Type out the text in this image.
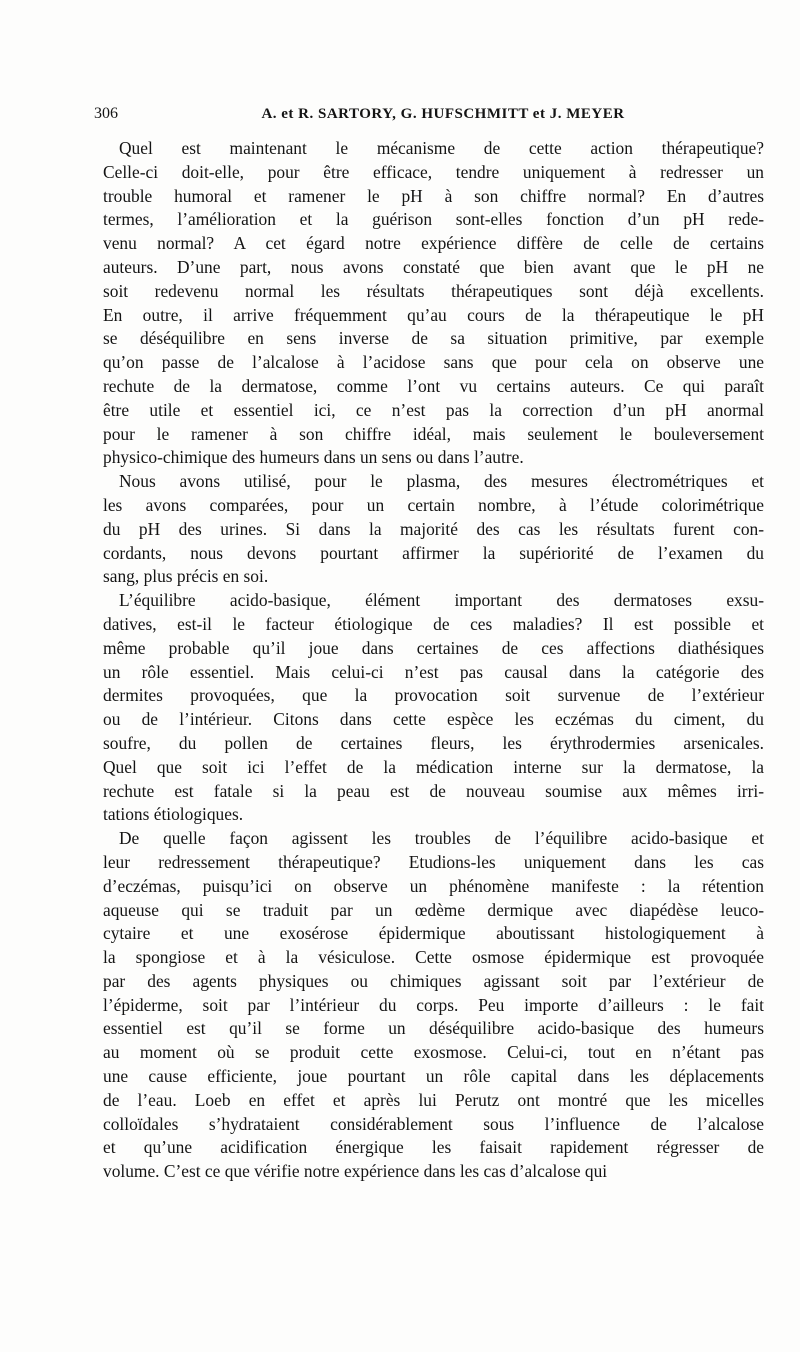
306	A. et R. SARTORY, G. HUFSCHMITT et J. MEYER
Quel est maintenant le mécanisme de cette action thérapeutique?
Celle-ci doit-elle, pour être efficace, tendre uniquement à redresser un
trouble humoral et ramener le pH à son chiffre normal? En d’autres
termes, l’amélioration et la guérison sont-elles fonction d’un pH rede-
venu normal? A cet égard notre expérience diffère de celle de certains
auteurs. D’une part, nous avons constaté que bien avant que le pH ne
soit redevenu normal les résultats thérapeutiques sont déjà excellents.
En outre, il arrive fréquemment qu’au cours de la thérapeutique le pH
se déséquilibre en sens inverse de sa situation primitive, par exemple
qu’on passe de l’alcalose à l’acidose sans que pour cela on observe une
rechute de la dermatose, comme l’ont vu certains auteurs. Ce qui paraît
être utile et essentiel ici, ce n’est pas la correction d’un pH anormal
pour le ramener à son chiffre idéal, mais seulement le bouleversement
physico-chimique des humeurs dans un sens ou dans l’autre.
Nous avons utilisé, pour le plasma, des mesures électrométriques et
les avons comparées, pour un certain nombre, à l’étude colorimétrique
du pH des urines. Si dans la majorité des cas les résultats furent con-
cordants, nous devons pourtant affirmer la supériorité de l’examen du
sang, plus précis en soi.
L’équilibre acido-basique, élément important des dermatoses exsu-
datives, est-il le facteur étiologique de ces maladies? Il est possible et
même probable qu’il joue dans certaines de ces affections diathésiques
un rôle essentiel. Mais celui-ci n’est pas causal dans la catégorie des
dermites provoquées, que la provocation soit survenue de l’extérieur
ou de l’intérieur. Citons dans cette espèce les eczémas du ciment, du
soufre, du pollen de certaines fleurs, les érythrodermies arsenicales.
Quel que soit ici l’effet de la médication interne sur la dermatose, la
rechute est fatale si la peau est de nouveau soumise aux mêmes irri-
tations étiologiques.
De quelle façon agissent les troubles de l’équilibre acido-basique et
leur redressement thérapeutique? Etudions-les uniquement dans les cas
d’eczémas, puisqu’ici on observe un phénomène manifeste : la rétention
aqueuse qui se traduit par un œdème dermique avec diapédèse leuco-
cytaire et une exosérose épidermique aboutissant histologiquement à
la spongiose et à la vésiculose. Cette osmose épidermique est provoquée
par des agents physiques ou chimiques agissant soit par l’extérieur de
l’épiderme, soit par l’intérieur du corps. Peu importe d’ailleurs : le fait
essentiel est qu’il se forme un déséquilibre acido-basique des humeurs
au moment où se produit cette exosmose. Celui-ci, tout en n’étant pas
une cause efficiente, joue pourtant un rôle capital dans les déplacements
de l’eau. Loeb en effet et après lui Perutz ont montré que les micelles
colloïdales s’hydrataient considérablement sous l’influence de l’alcalose
et qu’une acidification énergique les faisait rapidement régresser de
volume. C’est ce que vérifie notre expérience dans les cas d’alcalose qui
